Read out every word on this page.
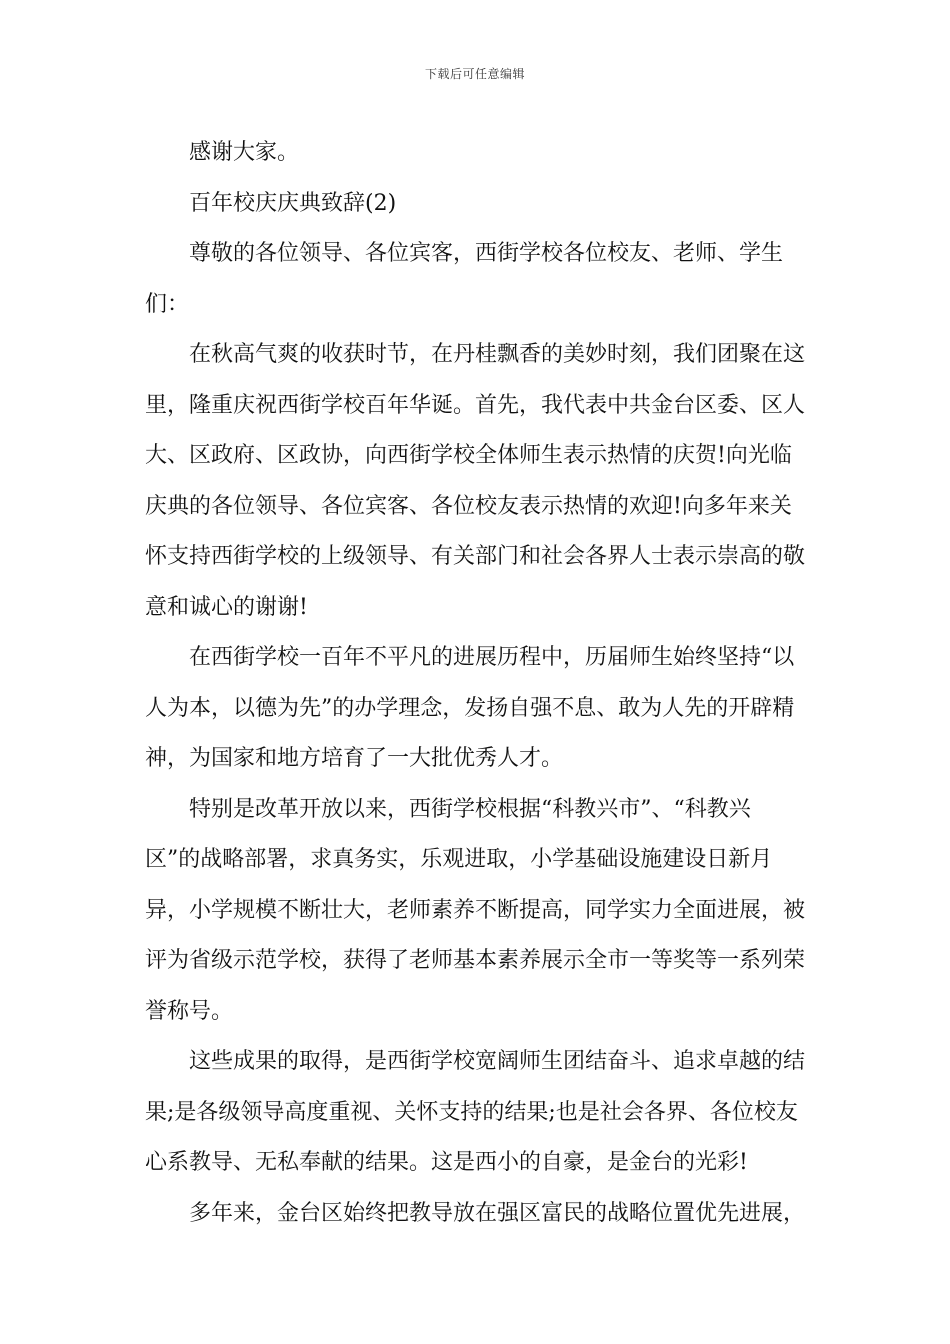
下载后可任意编辑

感谢大家。

百年校庆庆典致辞(2)

尊敬的各位领导、各位宾客，西街学校各位校友、老师、学生们：

在秋高气爽的收获时节，在丹桂飘香的美妙时刻，我们团聚在这里，隆重庆祝西街学校百年华诞。首先，我代表中共金台区委、区人大、区政府、区政协，向西街学校全体师生表示热情的庆贺!向光临庆典的各位领导、各位宾客、各位校友表示热情的欢迎!向多年来关怀支持西街学校的上级领导、有关部门和社会各界人士表示崇高的敬意和诚心的谢谢!

在西街学校一百年不平凡的进展历程中，历届师生始终坚持“以人为本，以德为先”的办学理念，发扬自强不息、敢为人先的开辟精神，为国家和地方培育了一大批优秀人才。

特别是改革开放以来，西街学校根据“科教兴市”、“科教兴区”的战略部署，求真务实，乐观进取，小学基础设施建设日新月异，小学规模不断壮大，老师素养不断提高，同学实力全面进展，被评为省级示范学校，获得了老师基本素养展示全市一等奖等一系列荣誉称号。

这些成果的取得，是西街学校宽阔师生团结奋斗、追求卓越的结果;是各级领导高度重视、关怀支持的结果;也是社会各界、各位校友心系教导、无私奉献的结果。这是西小的自豪，是金台的光彩!

多年来，金台区始终把教导放在强区富民的战略位置优先进展，
